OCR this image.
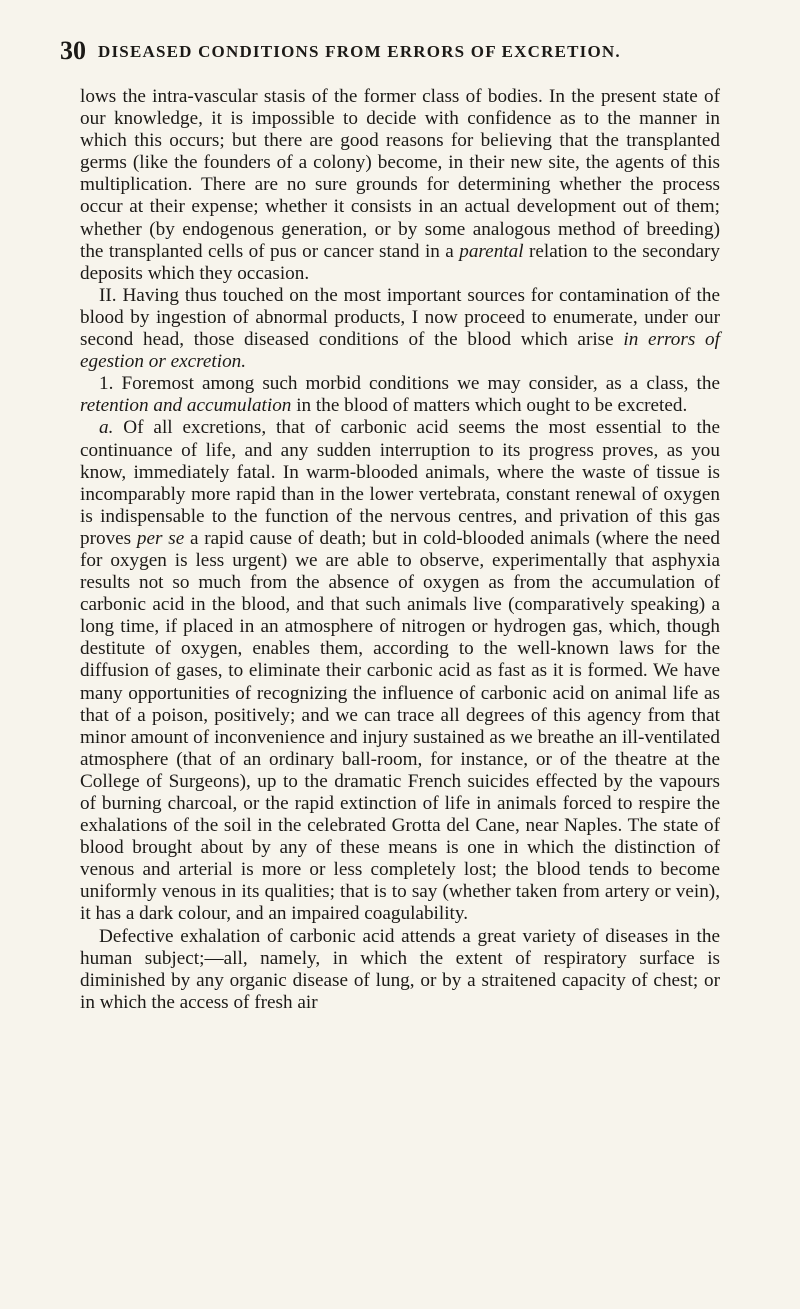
30 DISEASED CONDITIONS FROM ERRORS OF EXCRETION.

lows the intra-vascular stasis of the former class of bodies. In the present state of our knowledge, it is impossible to decide with confidence as to the manner in which this occurs; but there are good reasons for believing that the transplanted germs (like the founders of a colony) become, in their new site, the agents of this multiplication. There are no sure grounds for determining whether the process occur at their expense; whether it consists in an actual development out of them; whether (by endogenous generation, or by some analogous method of breeding) the transplanted cells of pus or cancer stand in a parental relation to the secondary deposits which they occasion.

II. Having thus touched on the most important sources for contamination of the blood by ingestion of abnormal products, I now proceed to enumerate, under our second head, those diseased conditions of the blood which arise in errors of egestion or excretion.

1. Foremost among such morbid conditions we may consider, as a class, the retention and accumulation in the blood of matters which ought to be excreted.

a. Of all excretions, that of carbonic acid seems the most essential to the continuance of life, and any sudden interruption to its progress proves, as you know, immediately fatal. In warm-blooded animals, where the waste of tissue is incomparably more rapid than in the lower vertebrata, constant renewal of oxygen is indispensable to the function of the nervous centres, and privation of this gas proves per se a rapid cause of death; but in cold-blooded animals (where the need for oxygen is less urgent) we are able to observe, experimentally that asphyxia results not so much from the absence of oxygen as from the accumulation of carbonic acid in the blood, and that such animals live (comparatively speaking) a long time, if placed in an atmosphere of nitrogen or hydrogen gas, which, though destitute of oxygen, enables them, according to the well-known laws for the diffusion of gases, to eliminate their carbonic acid as fast as it is formed. We have many opportunities of recognizing the influence of carbonic acid on animal life as that of a poison, positively; and we can trace all degrees of this agency from that minor amount of inconvenience and injury sustained as we breathe an ill-ventilated atmosphere (that of an ordinary ball-room, for instance, or of the theatre at the College of Surgeons), up to the dramatic French suicides effected by the vapours of burning charcoal, or the rapid extinction of life in animals forced to respire the exhalations of the soil in the celebrated Grotta del Cane, near Naples. The state of blood brought about by any of these means is one in which the distinction of venous and arterial is more or less completely lost; the blood tends to become uniformly venous in its qualities; that is to say (whether taken from artery or vein), it has a dark colour, and an impaired coagulability.

Defective exhalation of carbonic acid attends a great variety of diseases in the human subject;—all, namely, in which the extent of respiratory surface is diminished by any organic disease of lung, or by a straitened capacity of chest; or in which the access of fresh air
